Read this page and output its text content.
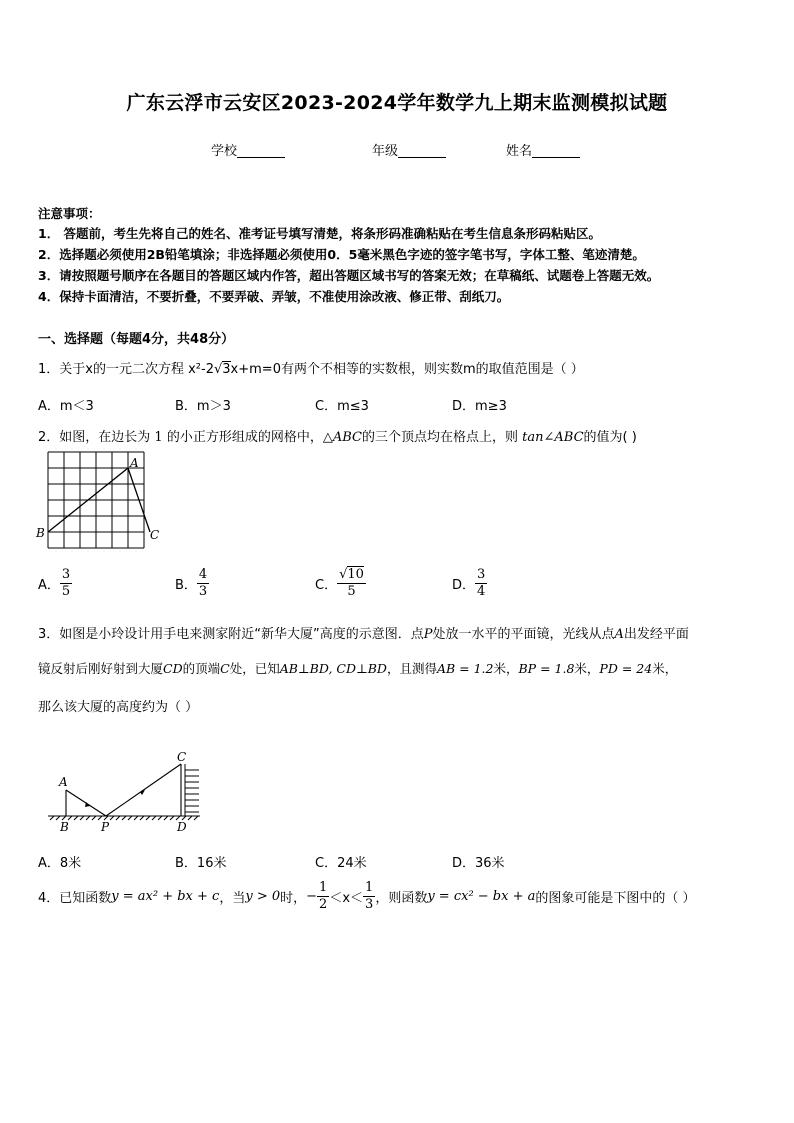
广东云浮市云安区2023-2024学年数学九上期末监测模拟试题
学校	年级	姓名
注意事项：
1． 答题前，考生先将自己的姓名、准考证号填写清楚，将条形码准确粘贴在考生信息条形码粘贴区。
2．选择题必须使用2B铅笔填涂；非选择题必须使用0．5毫米黑色字迹的签字笔书写，字体工整、笔迹清楚。
3．请按照题号顺序在各题目的答题区域内作答，超出答题区域书写的答案无效；在草稿纸、试题卷上答题无效。
4．保持卡面清洁，不要折叠，不要弄破、弄皱，不准使用涂改液、修正带、刮纸刀。
一、选择题（每题4分，共48分）
1．关于x的一元二次方程 x²-2√3x+m=0有两个不相等的实数根，则实数m的取值范围是（ ）
A．m＜3	B．m＞3	C．m≤3	D．m≥3
2．如图，在边长为 1 的小正方形组成的网格中，△ABC的三个顶点均在格点上，则 tan∠ABC的值为( )
A
B	C
A． $\frac{3}{5}$	B． $\frac{4}{3}$	C． $\frac{√10}{5}$	D． $\frac{3}{4}$
3．如图是小玲设计用手电来测家附近“新华大厦”高度的示意图．点P处放一水平的平面镜，光线从点A出发经平面
镜反射后刚好射到大厦CD的顶端C处，已知AB⊥BD, CD⊥BD，且测得AB = 1.2米，BP = 1.8米，PD = 24米，
那么该大厦的高度约为（ ）
A
B	P
C
D
A．8米	B．16米	C．24米	D．36米
4．已知函数 y = ax² + bx + c ，当 y > 0 时， − $\frac{1}{2} <x< \frac{1}{3}$ ，则函数 y = cx² − bx + a 的图象可能是下图中的（ ）
